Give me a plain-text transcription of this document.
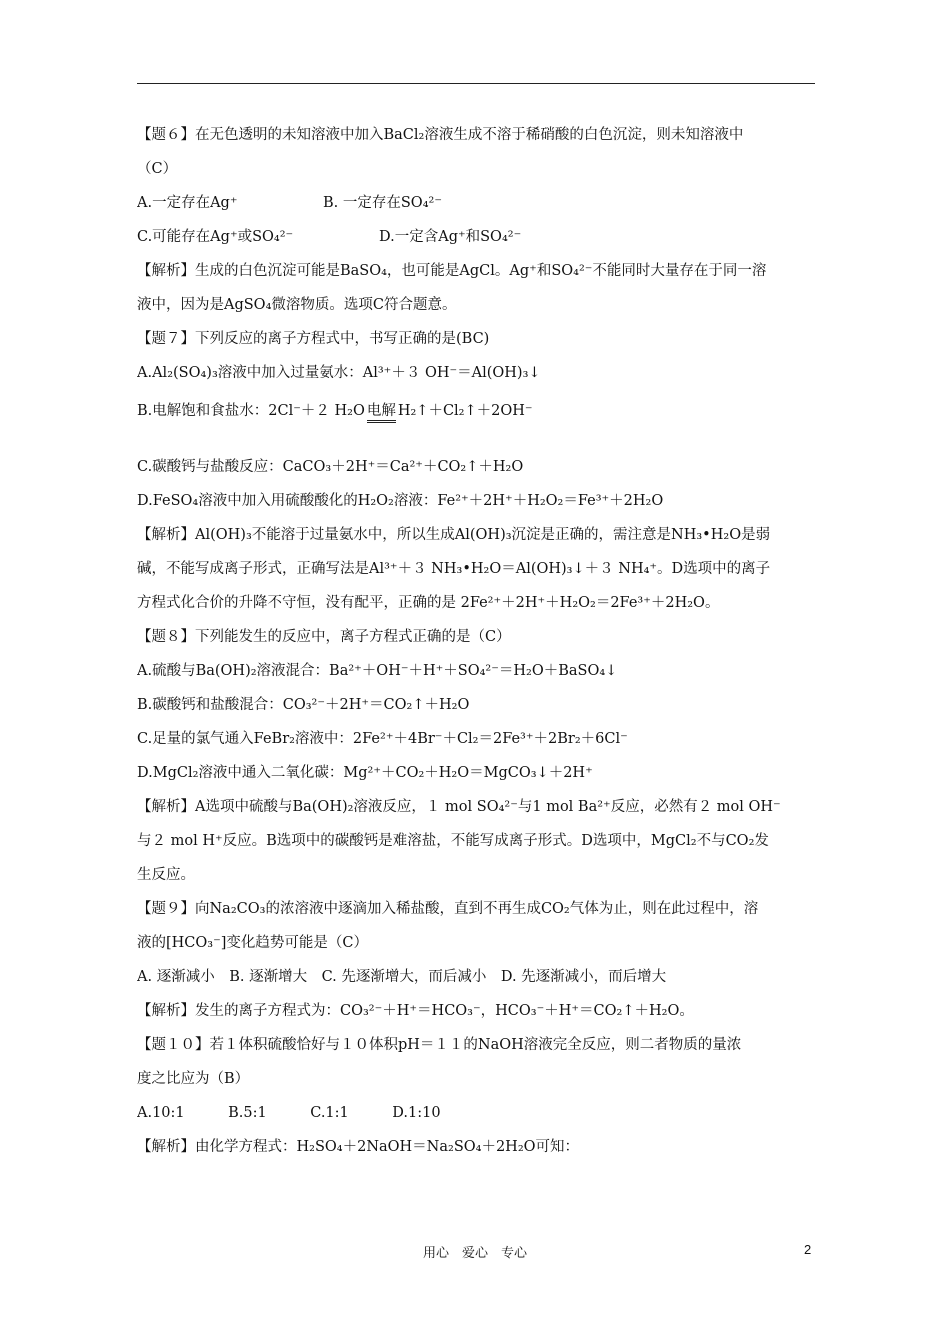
【题６】在无色透明的未知溶液中加入BaCl₂溶液生成不溶于稀硝酸的白色沉淀，则未知溶液中
（C）
A.一定存在Ag⁺	B. 一定存在SO₄²⁻
C.可能存在Ag⁺或SO₄²⁻	D.一定含Ag⁺和SO₄²⁻
【解析】生成的白色沉淀可能是BaSO₄，也可能是AgCl。Ag⁺和SO₄²⁻不能同时大量存在于同一溶
液中，因为是AgSO₄微溶物质。选项C符合题意。
【题７】下列反应的离子方程式中，书写正确的是(BC)
A.Al₂(SO₄)₃溶液中加入过量氨水：Al³⁺＋３ OH⁻＝Al(OH)₃↓
B.电解饱和食盐水：2Cl⁻＋２ H₂O 电解 H₂↑＋Cl₂↑＋2OH⁻
C.碳酸钙与盐酸反应：CaCO₃＋2H⁺＝Ca²⁺＋CO₂↑＋H₂O
D.FeSO₄溶液中加入用硫酸酸化的H₂O₂溶液：Fe²⁺＋2H⁺＋H₂O₂＝Fe³⁺＋2H₂O
【解析】Al(OH)₃不能溶于过量氨水中，所以生成Al(OH)₃沉淀是正确的，需注意是NH₃•H₂O是弱
碱，不能写成离子形式，正确写法是Al³⁺＋３ NH₃•H₂O＝Al(OH)₃↓＋３ NH₄⁺。D选项中的离子
方程式化合价的升降不守恒，没有配平，正确的是 2Fe²⁺＋2H⁺＋H₂O₂＝2Fe³⁺＋2H₂O。
【题８】下列能发生的反应中，离子方程式正确的是（C）
A.硫酸与Ba(OH)₂溶液混合：Ba²⁺＋OH⁻＋H⁺＋SO₄²⁻＝H₂O＋BaSO₄↓
B.碳酸钙和盐酸混合：CO₃²⁻＋2H⁺＝CO₂↑＋H₂O
C.足量的氯气通入FeBr₂溶液中：2Fe²⁺＋4Br⁻＋Cl₂＝2Fe³⁺＋2Br₂＋6Cl⁻
D.MgCl₂溶液中通入二氧化碳：Mg²⁺＋CO₂＋H₂O＝MgCO₃↓＋2H⁺
【解析】A选项中硫酸与Ba(OH)₂溶液反应，１ mol SO₄²⁻与1 mol Ba²⁺反应，必然有２ mol OH⁻
与２ mol H⁺反应。B选项中的碳酸钙是难溶盐，不能写成离子形式。D选项中，MgCl₂不与CO₂发
生反应。
【题９】向Na₂CO₃的浓溶液中逐滴加入稀盐酸，直到不再生成CO₂气体为止，则在此过程中，溶
液的[HCO₃⁻]变化趋势可能是（C）
A. 逐渐减小　B. 逐渐增大　C. 先逐渐增大，而后减小　D. 先逐渐减小，而后增大
【解析】发生的离子方程式为：CO₃²⁻＋H⁺＝HCO₃⁻，HCO₃⁻＋H⁺＝CO₂↑＋H₂O。
【题１０】若１体积硫酸恰好与１０体积pH＝１１的NaOH溶液完全反应，则二者物质的量浓
度之比应为（B）
A.10:1　　　B.5:1　　　C.1:1　　　D.1:10
【解析】由化学方程式：H₂SO₄＋2NaOH＝Na₂SO₄＋2H₂O可知：
用心　爱心　专心	2
